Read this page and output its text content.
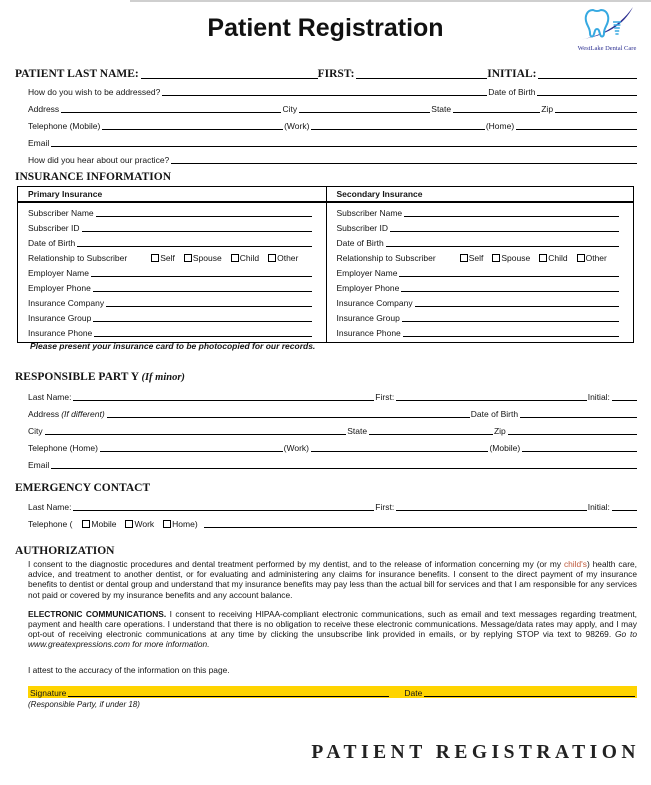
Patient Registration
WestLake Dental Care
PATIENT LAST NAME:	FIRST:	INITIAL:
How do you wish to be addressed?	Date of Birth
Address	City	State	Zip
Telephone (Mobile)	(Work)	(Home)
Email
How did you hear about our practice?
INSURANCE INFORMATION
Primary Insurance
Subscriber Name
Subscriber ID
Date of Birth
Relationship to Subscriber	Self Spouse Child Other
Employer Name
Employer Phone
Insurance Company
Insurance Group
Insurance Phone
Secondary Insurance
Subscriber Name
Subscriber ID
Date of Birth
Relationship to Subscriber	Self Spouse Child Other
Employer Name
Employer Phone
Insurance Company
Insurance Group
Insurance Phone
Please present your insurance card to be photocopied for our records.
RESPONSIBLE PART Y (If minor)
Last Name:	First:	Initial:
Address (If different)	Date of Birth
City	State	Zip
Telephone (Home)	(Work)	(Mobile)
Email
EMERGENCY CONTACT
Last Name:	First:	Initial:
Telephone ( Mobile Work Home )
AUTHORIZATION

I consent to the diagnostic procedures and dental treatment performed by my dentist, and to the release of information concerning my (or my child's) health care, advice, and treatment to another dentist, or for evaluating and administering any claims for insurance benefits. I consent to the direct payment of my insurance benefits to dentist or dental group and understand that my insurance benefits may pay less than the actual bill for services and that I am responsible for any services not paid or covered by my insurance benefits and any account balance.

ELECTRONIC COMMUNICATIONS. I consent to receiving HIPAA-compliant electronic communications, such as email and text messages regarding treatment, payment and health care operations. I understand that there is no obligation to receive these electronic communications. Message/data rates may apply, and I may opt-out of receiving electronic communications at any time by clicking the unsubscribe link provided in emails, or by replying STOP via text to 98269. Go to www.greatexpressions.com for more information.

I attest to the accuracy of the information on this page.

Signature	Date
(Responsible Party, if under 18)
PATIENT REGISTRATION
